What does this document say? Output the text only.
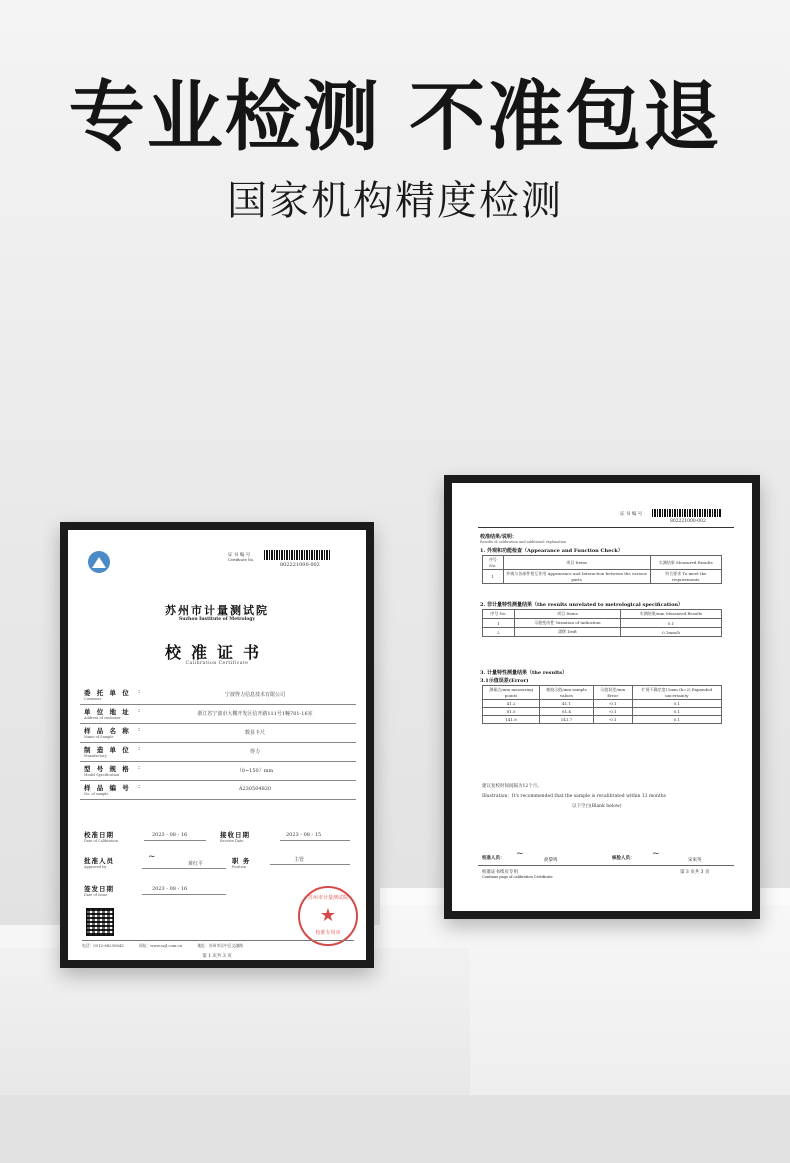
专业检测 不准包退
国家机构精度检测
证 书 编 号
802221000-002
校准结果/说明：
Results of calibration and additional explanation
1. 外观和功能检查（Appearance and Function Check）
序号 No.	项目 Items	实测结果 Measured Results
1	外观与各部件相互作用 Appearance and Interaction between the various parts	符合要求 To meet the requirements
2. 非计量特性测量结果（the results unrelated to metrological specification）
序号 No.	项目 Items	实测结果/mm Measured Results
1	示值变动性 Variation of indication	0.1
2	漂移 Drift	0.1mm/h
3. 计量特性测量结果（the results）
3.1示值误差(Error)
测量点/mm measuring points	被校示值/mm sample values	示值误差/mm Error	扩展不确定度U/mm (k=2) Expanded uncertainty
41.2	41.1	-0.1	0.1
81.5	81.4	-0.1	0.1
141.8	141.7	-0.1	0.1
建议复校时间间隔为12个月。
Illustration：It's recommended that the sample is recalibrated within 12 months
以下空白(Blank below)
校准人员： ~
俞黎鸣	核验人员： ~
宋束英
校准证书续页专用
Continue page of calibration Certificate
第 3 页共 3 页
证 书 编 号
Certificate No.
802221000-002
苏州市计量测试院
Suzhou Institute of Metrology
校准证书
Calibration Certificate
委 托 单 位
Customer
:	宁波得力信息技术有限公司
单 位 地 址
Address of customer
:	浙江省宁波市大榭开发区信开路111号1幢701-16室
样 品 名 称
Name of Sample
:	数显卡尺
制 造 单 位
Manufactory
:	得力
型 号 规 格
Model Specification
:	（0~150）mm
样 品 编 号
No. of sample
:	A230504820
校准日期
Date of Calibration
2023 - 08 - 16	接收日期
Receive Date
2023 - 08 - 15
批准人员
Approved by
~
黄红平	职 务
Position
主管
签发日期
Date of Issue
2023 - 08 - 16
苏州市计量测试院
★
校准专用章
电话：0512-68230843	网址：www.szjl.com.cn	地址：苏州市吴中区文融路
第 1 页共 3 页
